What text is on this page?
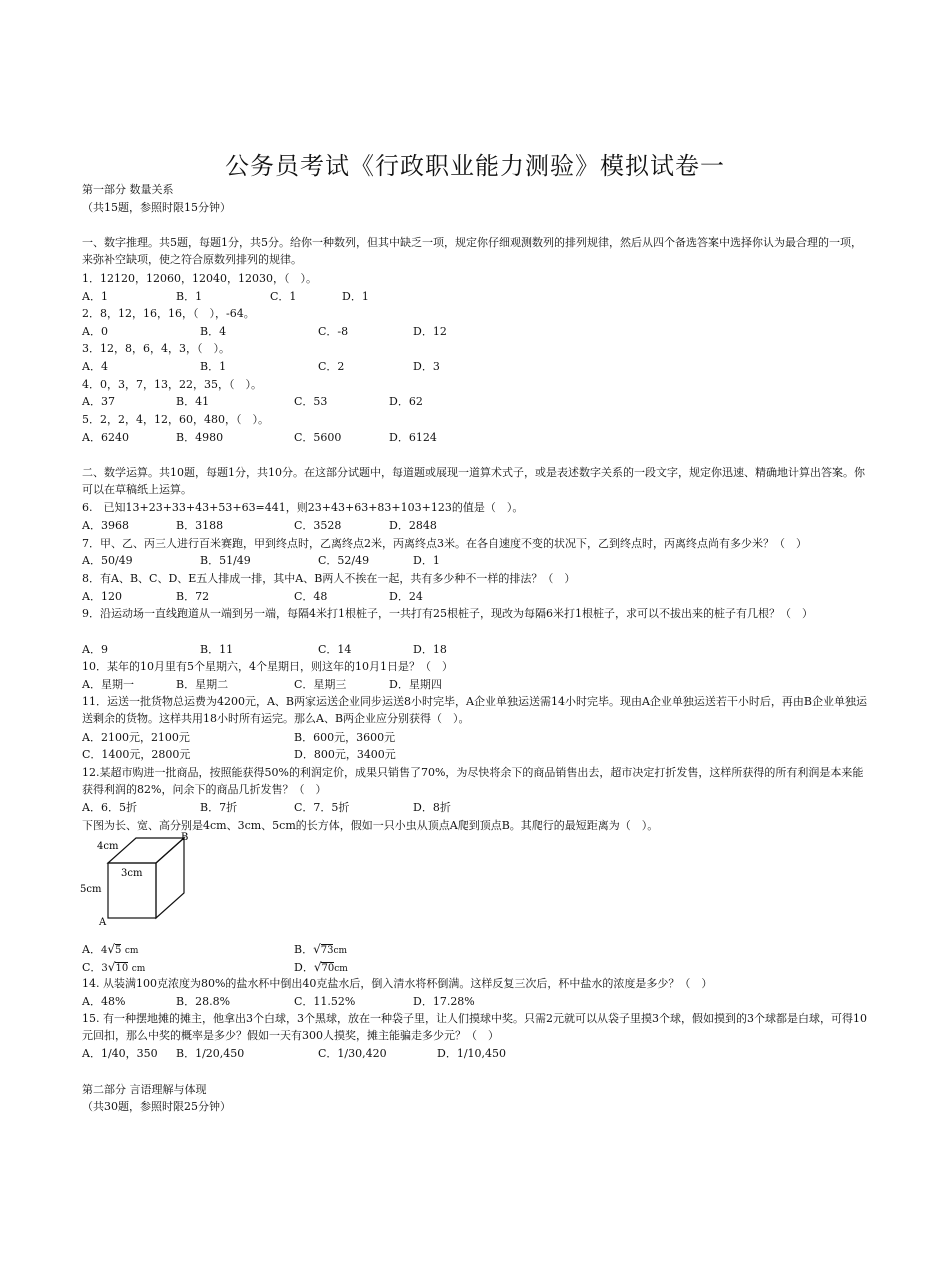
公务员考试《行政职业能力测验》模拟试卷一
第一部分 数量关系
（共15题，参照时限15分钟）
一、数字推理。共5题，每题1分，共5分。给你一种数列，但其中缺乏一项，规定你仔细观测数列的排列规律，然后从四个备选答案中选择你认为最合理的一项，来弥补空缺项，使之符合原数列排列的规律。
1．12120，12060，12040，12030，（　）。
A．1	B．1	C．1	D．1
2．8，12，16，16，（　），-64。
A．0	B．4	C．-8	D．12
3．12，8，6，4，3，（　）。
A．4	B．1	C．2	D．3
4．0，3，7，13，22，35，（　）。
A．37	B．41	C．53	D．62
5．2，2，4，12，60，480，（　）。
A．6240	B．4980	C．5600	D．6124
二、数学运算。共10题，每题1分，共10分。在这部分试题中，每道题或展现一道算术式子，或是表述数字关系的一段文字，规定你迅速、精确地计算出答案。你可以在草稿纸上运算。
6.　已知13+23+33+43+53+63=441，则23+43+63+83+103+123的值是（　）。
A．3968	B．3188	C．3528	D．2848
7．甲、乙、丙三人进行百米赛跑，甲到终点时，乙离终点2米，丙离终点3米。在各自速度不变的状况下，乙到终点时，丙离终点尚有多少米？（　）
A．50/49	B．51/49	C．52/49	D．1
8．有A、B、C、D、E五人排成一排，其中A、B两人不挨在一起，共有多少种不一样的排法？（　）
A．120	B．72	C．48	D．24
9．沿运动场一直线跑道从一端到另一端，每隔4米打1根桩子，一共打有25根桩子，现改为每隔6米打1根桩子，求可以不拔出来的桩子有几根？（　）
A．9	B．11	C．14	D．18
10．某年的10月里有5个星期六，4个星期日，则这年的10月1日是？（　）
A．星期一	B．星期二	C．星期三	D．星期四
11．运送一批货物总运费为4200元，A、B两家运送企业同步运送8小时完毕，A企业单独运送需14小时完毕。现由A企业单独运送若干小时后，再由B企业单独运送剩余的货物。这样共用18小时所有运完。那么A、B两企业应分别获得（　）。
A．2100元，2100元	B．600元，3600元
C．1400元，2800元	D．800元，3400元
12.某超市购进一批商品，按照能获得50%的利润定价，成果只销售了70%，为尽快将余下的商品销售出去，超市决定打折发售，这样所获得的所有利润是本来能获得利润的82%，问余下的商品几折发售？（　）
A．6．5折	B．7折	C．7．5折	D．8折
下图为长、宽、高分别是4cm、3cm、5cm的长方体，假如一只小虫从顶点A爬到顶点B。其爬行的最短距离为（　）。
4cm
3cm
5cm
A
B
A．4√5 cm	B．√73cm
C．3√10 cm	D．√70cm
14. 从装满100克浓度为80%的盐水杯中倒出40克盐水后，倒入清水将杯倒满。这样反复三次后，杯中盐水的浓度是多少？（　）
A．48%	B．28.8%	C．11.52%	D．17.28%
15. 有一种摆地摊的摊主，他拿出3个白球，3个黑球，放在一种袋子里，让人们摸球中奖。只需2元就可以从袋子里摸3个球，假如摸到的3个球都是白球，可得10元回扣，那么中奖的概率是多少？假如一天有300人摸奖，摊主能骗走多少元？（　）
A．1/40，350 B．1/20,450	C．1/30,420	D．1/10,450
第二部分 言语理解与体现
（共30题，参照时限25分钟）
